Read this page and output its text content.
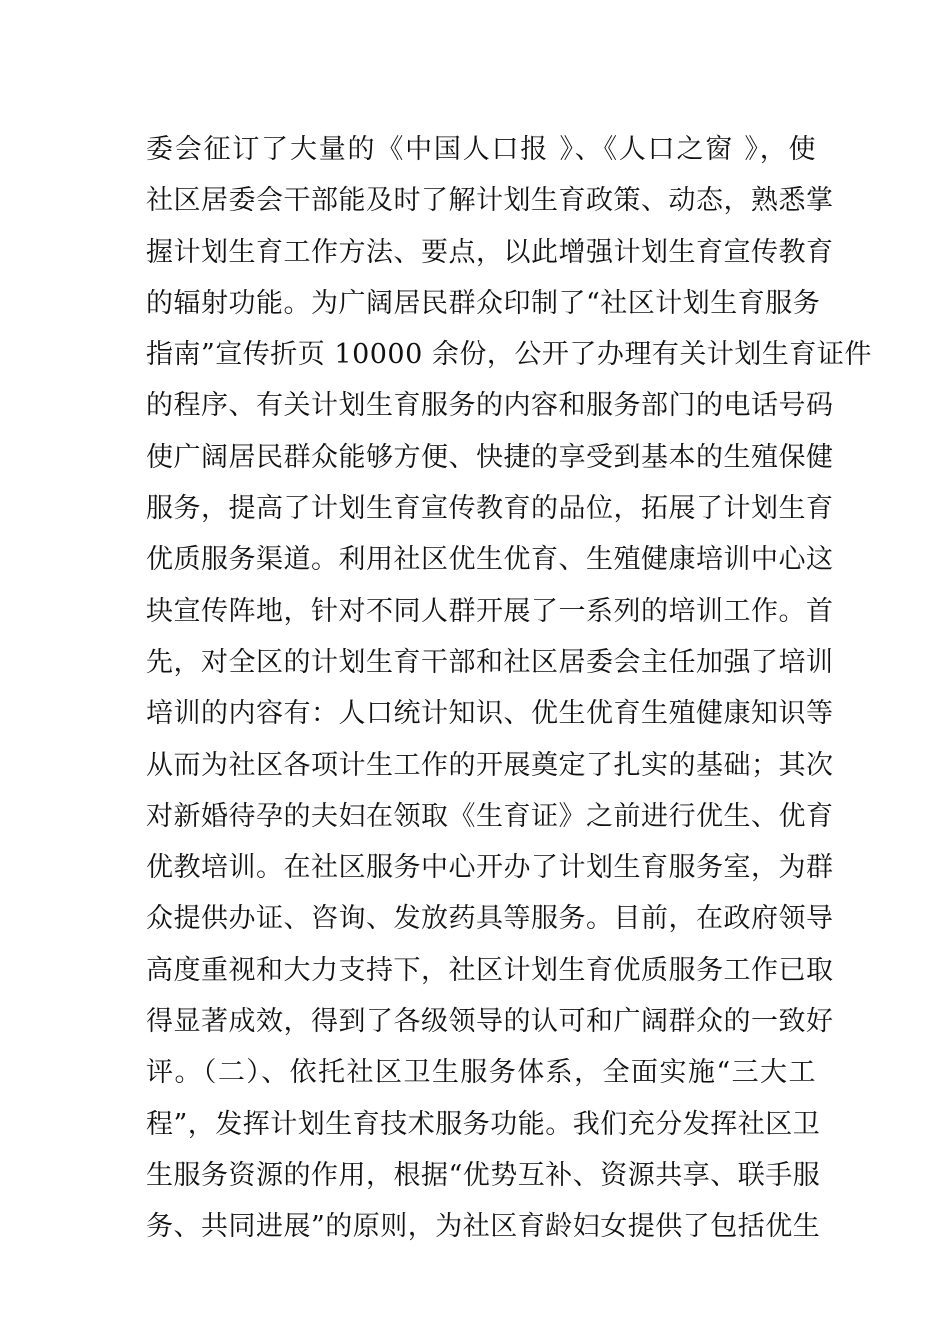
委会征订了大量的《中国人口报 》、《人口之窗 》，使
社区居委会干部能及时了解计划生育政策、动态，熟悉掌
握计划生育工作方法、要点，以此增强计划生育宣传教育
的辐射功能。为广阔居民群众印制了“社区计划生育服务
指南”宣传折页 10000 余份，公开了办理有关计划生育证件
的程序、有关计划生育服务的内容和服务部门的电话号码
使广阔居民群众能够方便、快捷的享受到基本的生殖保健
服务，提高了计划生育宣传教育的品位，拓展了计划生育
优质服务渠道。利用社区优生优育、生殖健康培训中心这
块宣传阵地，针对不同人群开展了一系列的培训工作。首
先，对全区的计划生育干部和社区居委会主任加强了培训
培训的内容有：人口统计知识、优生优育生殖健康知识等
从而为社区各项计生工作的开展奠定了扎实的基础；其次
对新婚待孕的夫妇在领取《生育证》之前进行优生、优育
优教培训。在社区服务中心开办了计划生育服务室，为群
众提供办证、咨询、发放药具等服务。目前，在政府领导
高度重视和大力支持下，社区计划生育优质服务工作已取
得显著成效，得到了各级领导的认可和广阔群众的一致好
评。（二）、依托社区卫生服务体系，全面实施“三大工
程”，发挥计划生育技术服务功能。我们充分发挥社区卫
生服务资源的作用，根据“优势互补、资源共享、联手服
务、共同进展”的原则，为社区育龄妇女提供了包括优生
